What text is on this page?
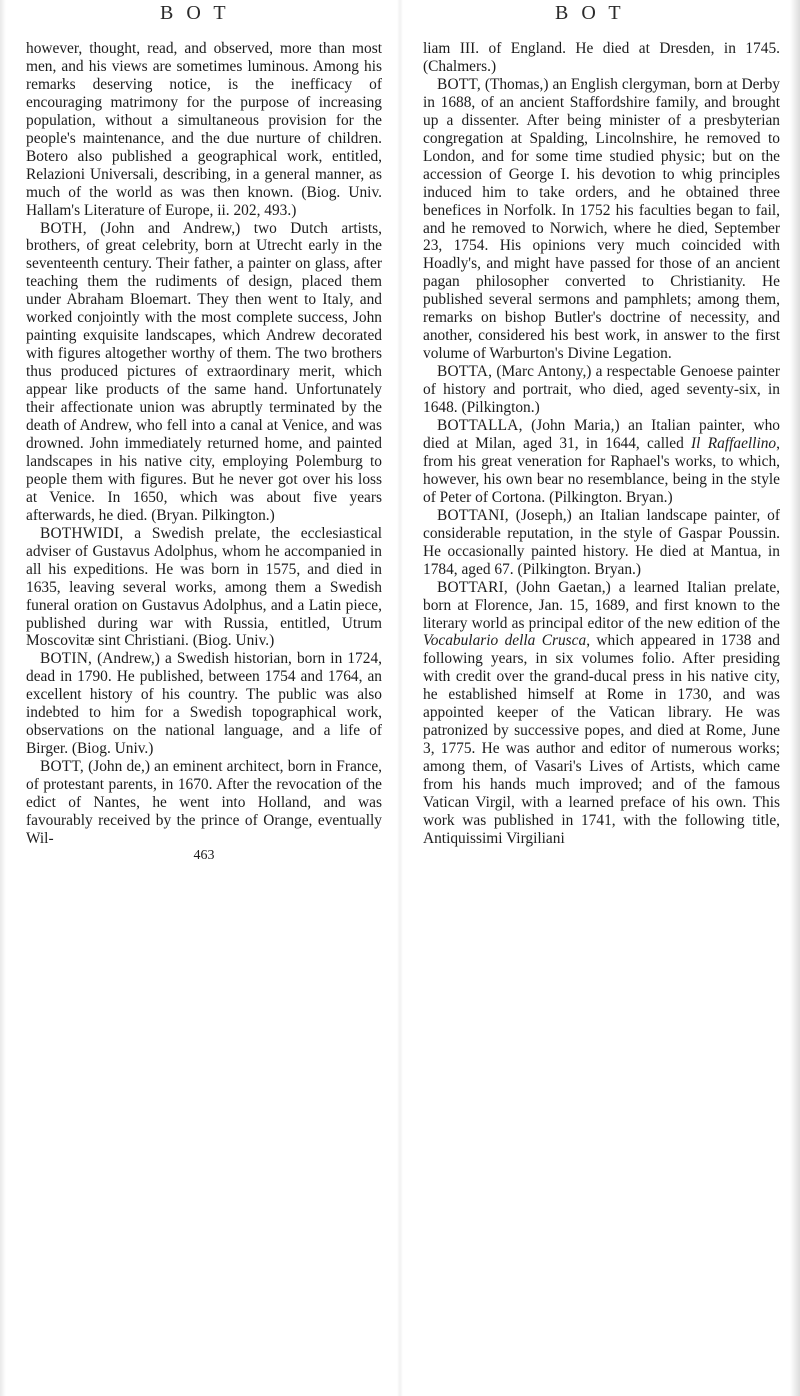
B O T	B O T

however, thought, read, and observed, more than most men, and his views are sometimes luminous. Among his remarks deserving notice, is the inefficacy of encouraging matrimony for the purpose of increasing population, without a simultaneous provision for the people's maintenance, and the due nurture of children. Botero also published a geographical work, entitled, Relazioni Universali, describing, in a general manner, as much of the world as was then known. (Biog. Univ. Hallam's Literature of Europe, ii. 202, 493.)

BOTH, (John and Andrew,) two Dutch artists, brothers, of great celebrity, born at Utrecht early in the seventeenth century. Their father, a painter on glass, after teaching them the rudiments of design, placed them under Abraham Bloemart. They then went to Italy, and worked conjointly with the most complete success, John painting exquisite landscapes, which Andrew decorated with figures altogether worthy of them. The two brothers thus produced pictures of extraordinary merit, which appear like products of the same hand. Unfortunately their affectionate union was abruptly terminated by the death of Andrew, who fell into a canal at Venice, and was drowned. John immediately returned home, and painted landscapes in his native city, employing Polemburg to people them with figures. But he never got over his loss at Venice. In 1650, which was about five years afterwards, he died. (Bryan. Pilkington.)

BOTHWIDI, a Swedish prelate, the ecclesiastical adviser of Gustavus Adolphus, whom he accompanied in all his expeditions. He was born in 1575, and died in 1635, leaving several works, among them a Swedish funeral oration on Gustavus Adolphus, and a Latin piece, published during war with Russia, entitled, Utrum Moscovitæ sint Christiani. (Biog. Univ.)

BOTIN, (Andrew,) a Swedish historian, born in 1724, dead in 1790. He published, between 1754 and 1764, an excellent history of his country. The public was also indebted to him for a Swedish topographical work, observations on the national language, and a life of Birger. (Biog. Univ.)

BOTT, (John de,) an eminent architect, born in France, of protestant parents, in 1670. After the revocation of the edict of Nantes, he went into Holland, and was favourably received by the prince of Orange, eventually Wil-

463

liam III. of England. He died at Dresden, in 1745. (Chalmers.)

BOTT, (Thomas,) an English clergyman, born at Derby in 1688, of an ancient Staffordshire family, and brought up a dissenter. After being minister of a presbyterian congregation at Spalding, Lincolnshire, he removed to London, and for some time studied physic; but on the accession of George I. his devotion to whig principles induced him to take orders, and he obtained three benefices in Norfolk. In 1752 his faculties began to fail, and he removed to Norwich, where he died, September 23, 1754. His opinions very much coincided with Hoadly's, and might have passed for those of an ancient pagan philosopher converted to Christianity. He published several sermons and pamphlets; among them, remarks on bishop Butler's doctrine of necessity, and another, considered his best work, in answer to the first volume of Warburton's Divine Legation.

BOTTA, (Marc Antony,) a respectable Genoese painter of history and portrait, who died, aged seventy-six, in 1648. (Pilkington.)

BOTTALLA, (John Maria,) an Italian painter, who died at Milan, aged 31, in 1644, called Il Raffaellino, from his great veneration for Raphael's works, to which, however, his own bear no resemblance, being in the style of Peter of Cortona. (Pilkington. Bryan.)

BOTTANI, (Joseph,) an Italian landscape painter, of considerable reputation, in the style of Gaspar Poussin. He occasionally painted history. He died at Mantua, in 1784, aged 67. (Pilkington. Bryan.)

BOTTARI, (John Gaetan,) a learned Italian prelate, born at Florence, Jan. 15, 1689, and first known to the literary world as principal editor of the new edition of the Vocabulario della Crusca, which appeared in 1738 and following years, in six volumes folio. After presiding with credit over the grand-ducal press in his native city, he established himself at Rome in 1730, and was appointed keeper of the Vatican library. He was patronized by successive popes, and died at Rome, June 3, 1775. He was author and editor of numerous works; among them, of Vasari's Lives of Artists, which came from his hands much improved; and of the famous Vatican Virgil, with a learned preface of his own. This work was published in 1741, with the following title, Antiquissimi Virgiliani
